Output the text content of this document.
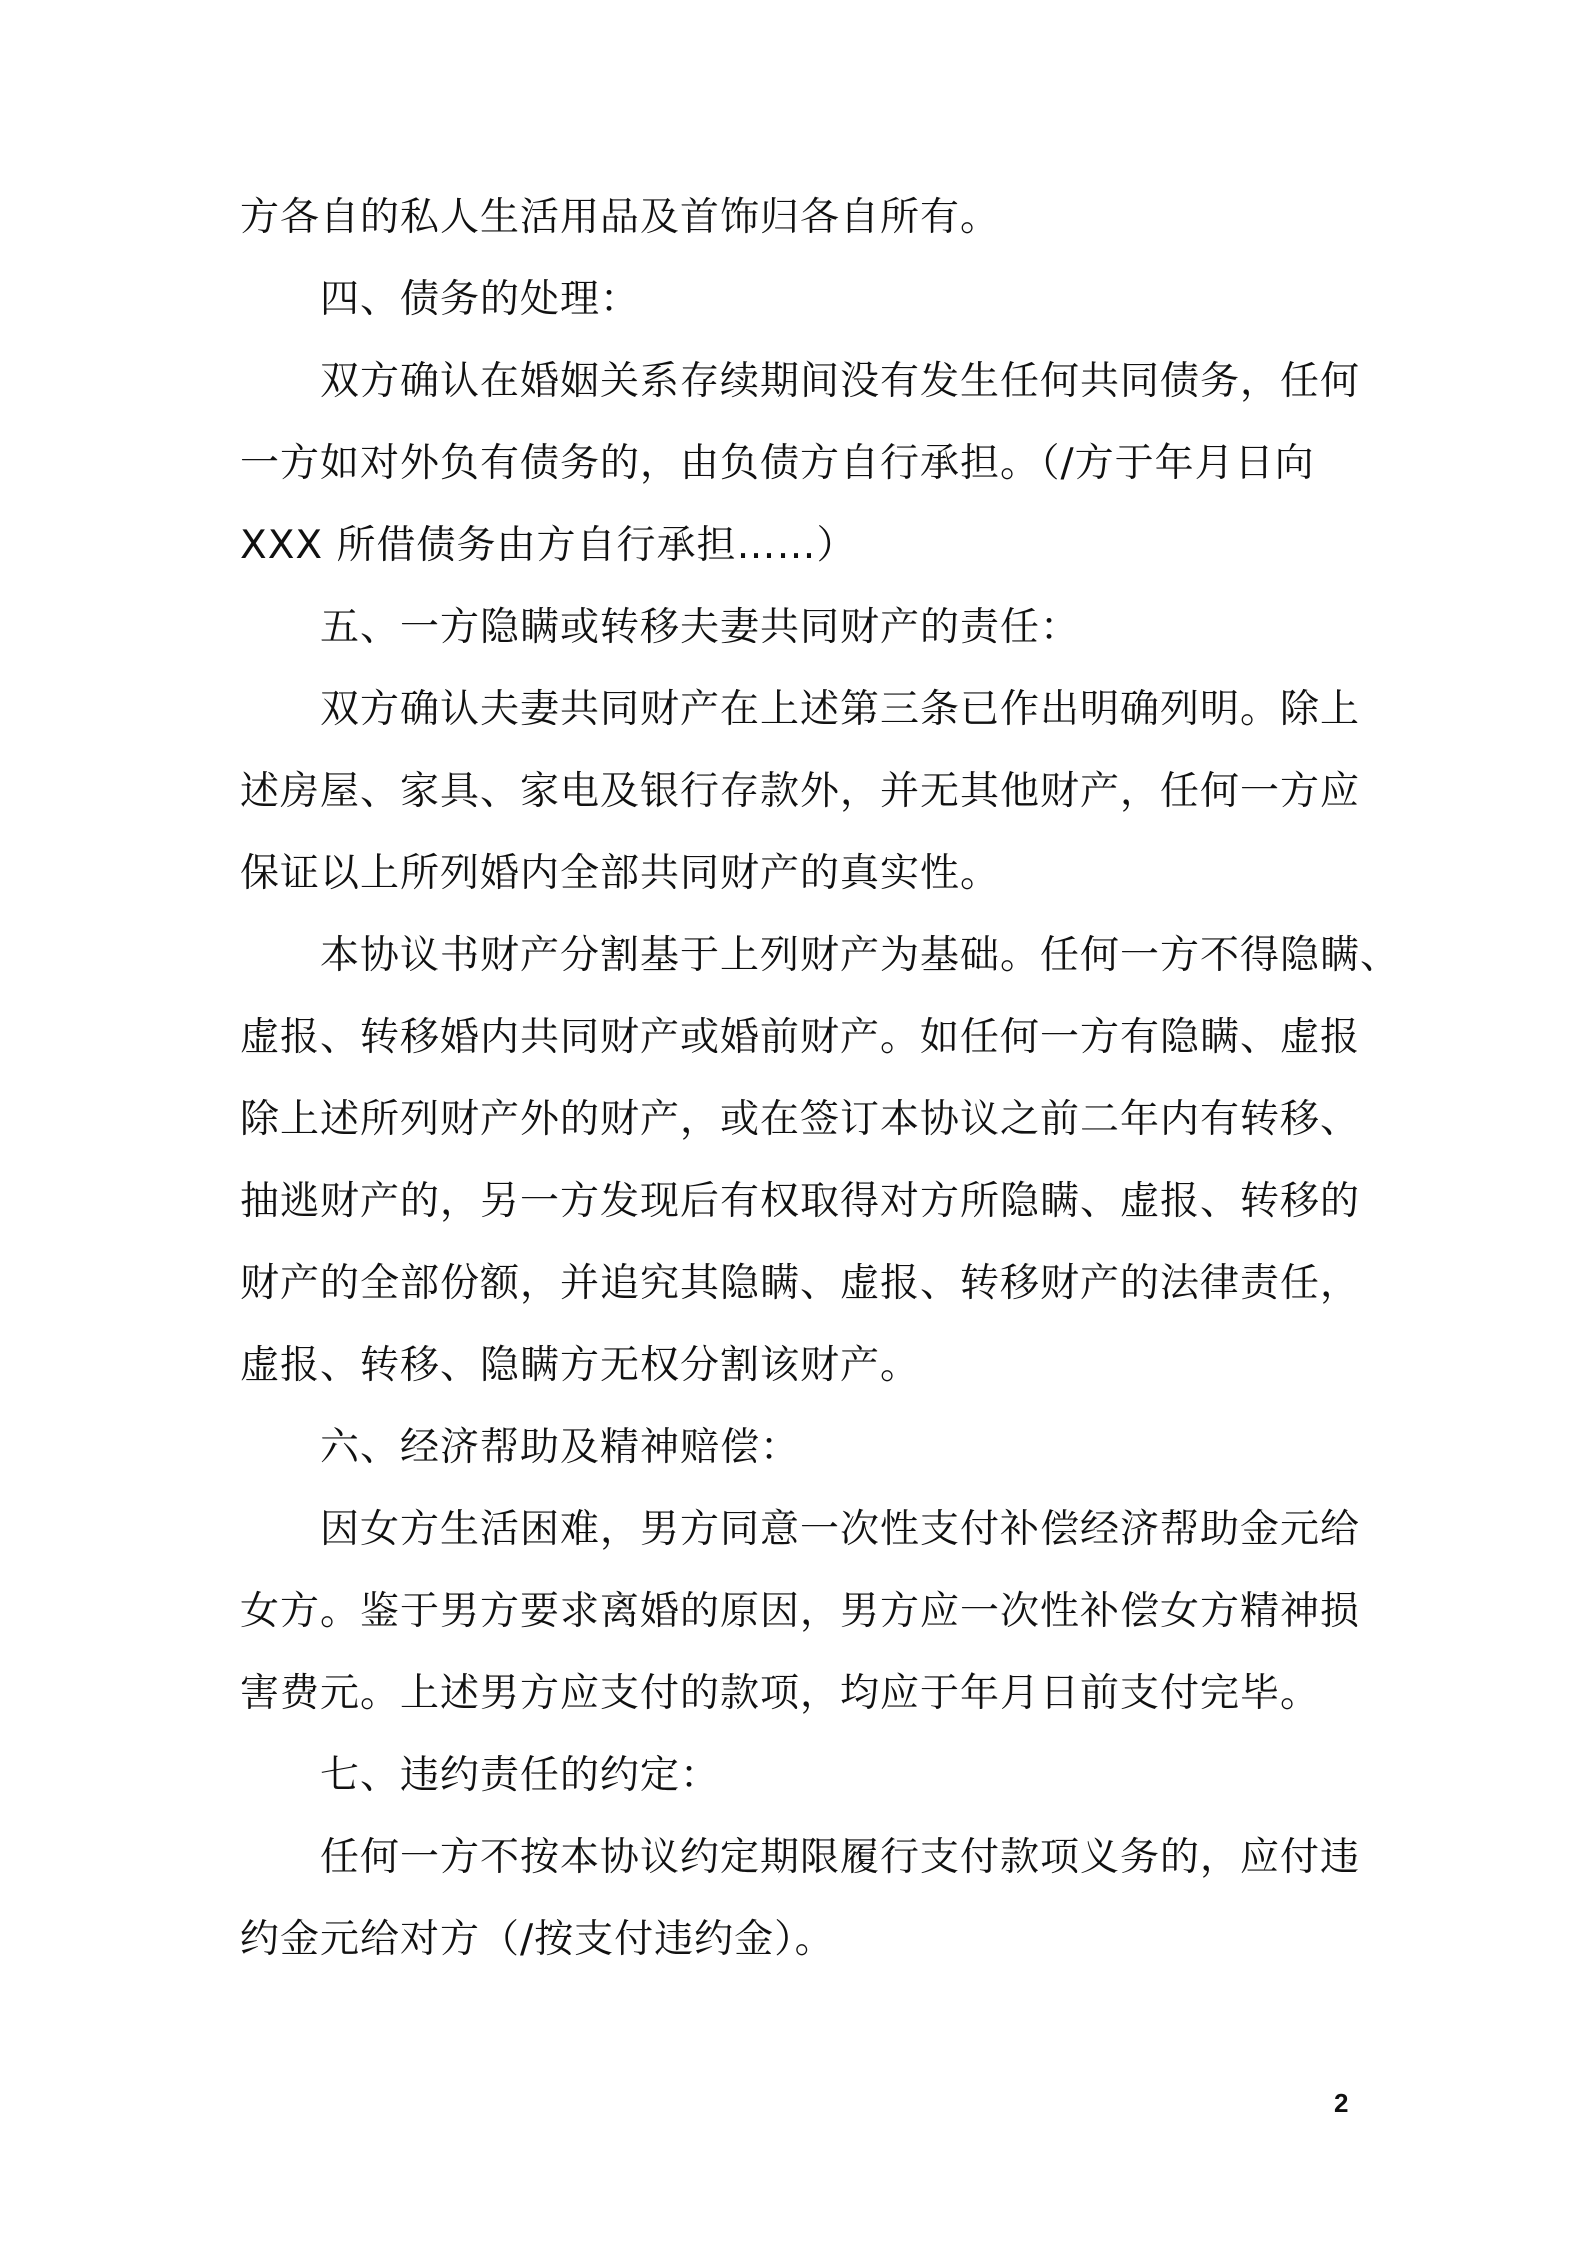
方各自的私人生活用品及首饰归各自所有。
四、债务的处理：
双方确认在婚姻关系存续期间没有发生任何共同债务，任何
一方如对外负有债务的，由负债方自行承担。（/方于年月日向
XXX 所借债务由方自行承担……）
五、一方隐瞒或转移夫妻共同财产的责任：
双方确认夫妻共同财产在上述第三条已作出明确列明。除上
述房屋、家具、家电及银行存款外，并无其他财产，任何一方应
保证以上所列婚内全部共同财产的真实性。
本协议书财产分割基于上列财产为基础。任何一方不得隐瞒、
虚报、转移婚内共同财产或婚前财产。如任何一方有隐瞒、虚报
除上述所列财产外的财产，或在签订本协议之前二年内有转移、
抽逃财产的，另一方发现后有权取得对方所隐瞒、虚报、转移的
财产的全部份额，并追究其隐瞒、虚报、转移财产的法律责任，
虚报、转移、隐瞒方无权分割该财产。
六、经济帮助及精神赔偿：
因女方生活困难，男方同意一次性支付补偿经济帮助金元给
女方。鉴于男方要求离婚的原因，男方应一次性补偿女方精神损
害费元。上述男方应支付的款项，均应于年月日前支付完毕。
七、违约责任的约定：
任何一方不按本协议约定期限履行支付款项义务的，应付违
约金元给对方（/按支付违约金）。
2
